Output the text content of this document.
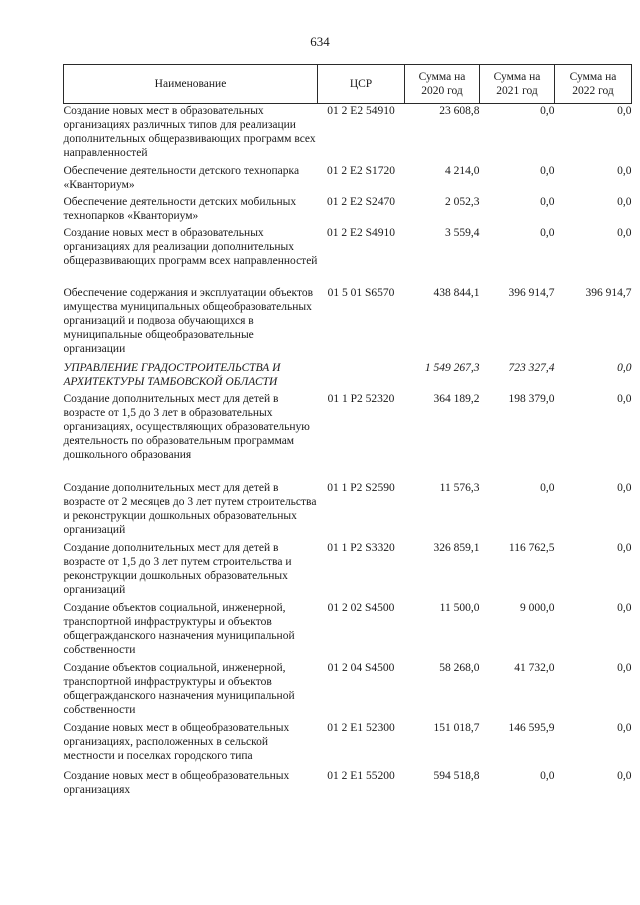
634
Наименование	ЦСР	Сумма на 2020 год	Сумма на 2021 год	Сумма на 2022 год
Создание новых мест в образовательных организациях различных типов для реализации дополнительных общеразвивающих программ всех направленностей	01 2 E2 54910	23 608,8	0,0	0,0
Обеспечение деятельности детского технопарка «Кванториум»	01 2 E2 S1720	4 214,0	0,0	0,0
Обеспечение деятельности детских мобильных технопарков «Кванториум»	01 2 E2 S2470	2 052,3	0,0	0,0
Создание новых мест в образовательных организациях для реализации дополнительных общеразвивающих программ всех направленностей	01 2 E2 S4910	3 559,4	0,0	0,0
Обеспечение содержания и эксплуатации объектов имущества муниципальных общеобразовательных организаций и подвоза обучающихся в муниципальные общеобразовательные организации	01 5 01 S6570	438 844,1	396 914,7	396 914,7
УПРАВЛЕНИЕ ГРАДОСТРОИТЕЛЬСТВА И АРХИТЕКТУРЫ ТАМБОВСКОЙ ОБЛАСТИ		1 549 267,3	723 327,4	0,0
Создание дополнительных мест для детей в возрасте от 1,5 до 3 лет в образовательных организациях, осуществляющих образовательную деятельность по образовательным программам дошкольного образования	01 1 P2 52320	364 189,2	198 379,0	0,0
Создание дополнительных мест для детей в возрасте от 2 месяцев до 3 лет путем строительства и реконструкции дошкольных образовательных организаций	01 1 P2 S2590	11 576,3	0,0	0,0
Создание дополнительных мест для детей в возрасте от 1,5 до 3 лет путем строительства и реконструкции дошкольных образовательных организаций	01 1 P2 S3320	326 859,1	116 762,5	0,0
Создание объектов социальной, инженерной, транспортной инфраструктуры и объектов общегражданского назначения муниципальной собственности	01 2 02 S4500	11 500,0	9 000,0	0,0
Создание объектов социальной, инженерной, транспортной инфраструктуры и объектов общегражданского назначения муниципальной собственности	01 2 04 S4500	58 268,0	41 732,0	0,0
Создание новых мест в общеобразовательных организациях, расположенных в сельской местности и поселках городского типа	01 2 E1 52300	151 018,7	146 595,9	0,0
Создание новых мест в общеобразовательных организациях	01 2 E1 55200	594 518,8	0,0	0,0
